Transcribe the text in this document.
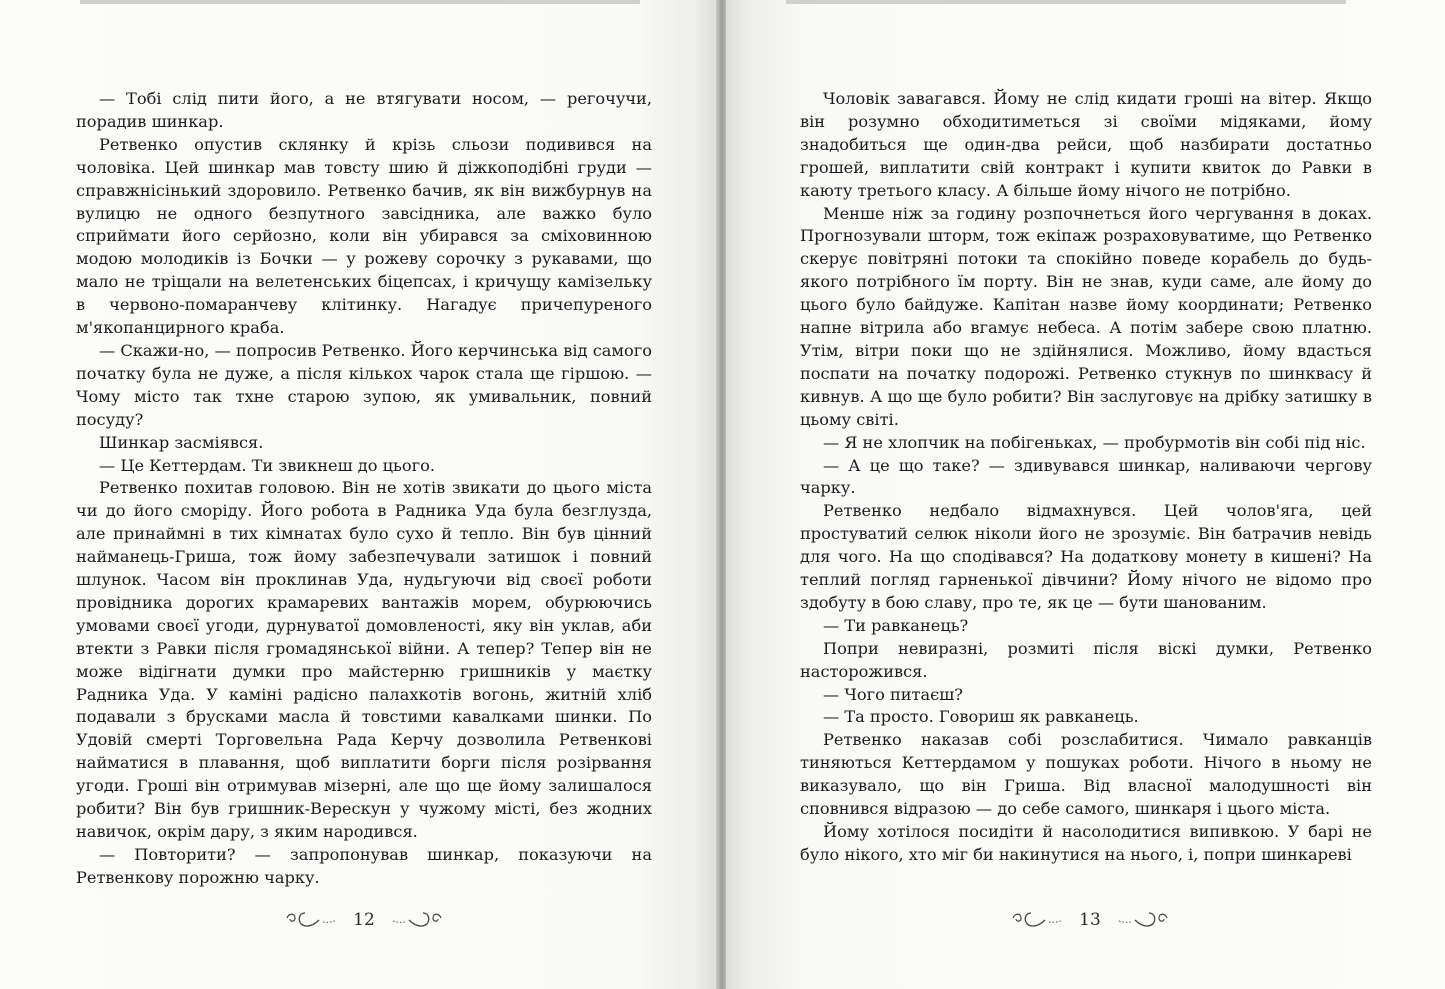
— Тобі слід пити його, а не втягувати носом, — регочучи, порадив шинкар.

Ретвенко опустив склянку й крізь сльози подивився на чоловіка. Цей шинкар мав товсту шию й діжкоподібні груди — справжнісінький здоровило. Ретвенко бачив, як він вижбурнув на вулицю не одного безпутного завсідника, але важко було сприймати його серйозно, коли він убирався за сміховинною модою молодиків із Бочки — у рожеву сорочку з рукавами, що мало не тріщали на велетенських біцепсах, і кричущу камізельку в червоно-помаранчеву клітинку. Нагадує причепуреного м'якопанцирного краба.

— Скажи-но, — попросив Ретвенко. Його керчинська від самого початку була не дуже, а після кількох чарок стала ще гіршою. — Чому місто так тхне старою зупою, як умивальник, повний посуду?

Шинкар засміявся.

— Це Кеттердам. Ти звикнеш до цього.

Ретвенко похитав головою. Він не хотів звикати до цього міста чи до його сморіду. Його робота в Радника Уда була безглузда, але принаймні в тих кімнатах було сухо й тепло. Він був цінний найманець-Гриша, тож йому забезпечували затишок і повний шлунок. Часом він проклинав Уда, нудьгуючи від своєї роботи провідника дорогих крамаревих вантажів морем, обурюючись умовами своєї угоди, дурнуватої домовленості, яку він уклав, аби втекти з Равки після громадянської війни. А тепер? Тепер він не може відігнати думки про майстерню гришників у маєтку Радника Уда. У каміні радісно палахкотів вогонь, житній хліб подавали з брусками масла й товстими кавалками шинки. По Удовій смерті Торговельна Рада Керчу дозволила Ретвенкові найматися в плавання, щоб виплатити борги після розірвання угоди. Гроші він отримував мізерні, але що ще йому залишалося робити? Він був гришник-Верескун у чужому місті, без жодних навичок, окрім дару, з яким народився.

— Повторити? — запропонував шинкар, показуючи на Ретвенкову порожню чарку.

12

Чоловік завагався. Йому не слід кидати гроші на вітер. Якщо він розумно обходитиметься зі своїми мідяками, йому знадобиться ще один-два рейси, щоб назбирати достатньо грошей, виплатити свій контракт і купити квиток до Равки в каюту третього класу. А більше йому нічого не потрібно.

Менше ніж за годину розпочнеться його чергування в доках. Прогнозували шторм, тож екіпаж розраховуватиме, що Ретвенко скерує повітряні потоки та спокійно поведе корабель до будь-якого потрібного їм порту. Він не знав, куди саме, але йому до цього було байдуже. Капітан назве йому координати; Ретвенко напне вітрила або вгамує небеса. А потім забере свою платню. Утім, вітри поки що не здійнялися. Можливо, йому вдасться поспати на початку подорожі. Ретвенко стукнув по шинквасу й кивнув. А що ще було робити? Він заслуговує на дрібку затишку в цьому світі.

— Я не хлопчик на побігеньках, — пробурмотів він собі під ніс.

— А це що таке? — здивувався шинкар, наливаючи чергову чарку.

Ретвенко недбало відмахнувся. Цей чолов'яга, цей простуватий селюк ніколи його не зрозуміє. Він батрачив невідь для чого. На що сподівався? На додаткову монету в кишені? На теплий погляд гарненької дівчини? Йому нічого не відомо про здобуту в бою славу, про те, як це — бути шанованим.

— Ти равканець?

Попри невиразні, розмиті після віскі думки, Ретвенко насторожився.

— Чого питаєш?

— Та просто. Говориш як равканець.

Ретвенко наказав собі розслабитися. Чимало равканців тиняються Кеттердамом у пошуках роботи. Нічого в ньому не виказувало, що він Гриша. Від власної малодушності він сповнився відразою — до себе самого, шинкаря і цього міста.

Йому хотілося посидіти й насолодитися випивкою. У барі не було нікого, хто міг би накинутися на нього, і, попри шинкареві

13
